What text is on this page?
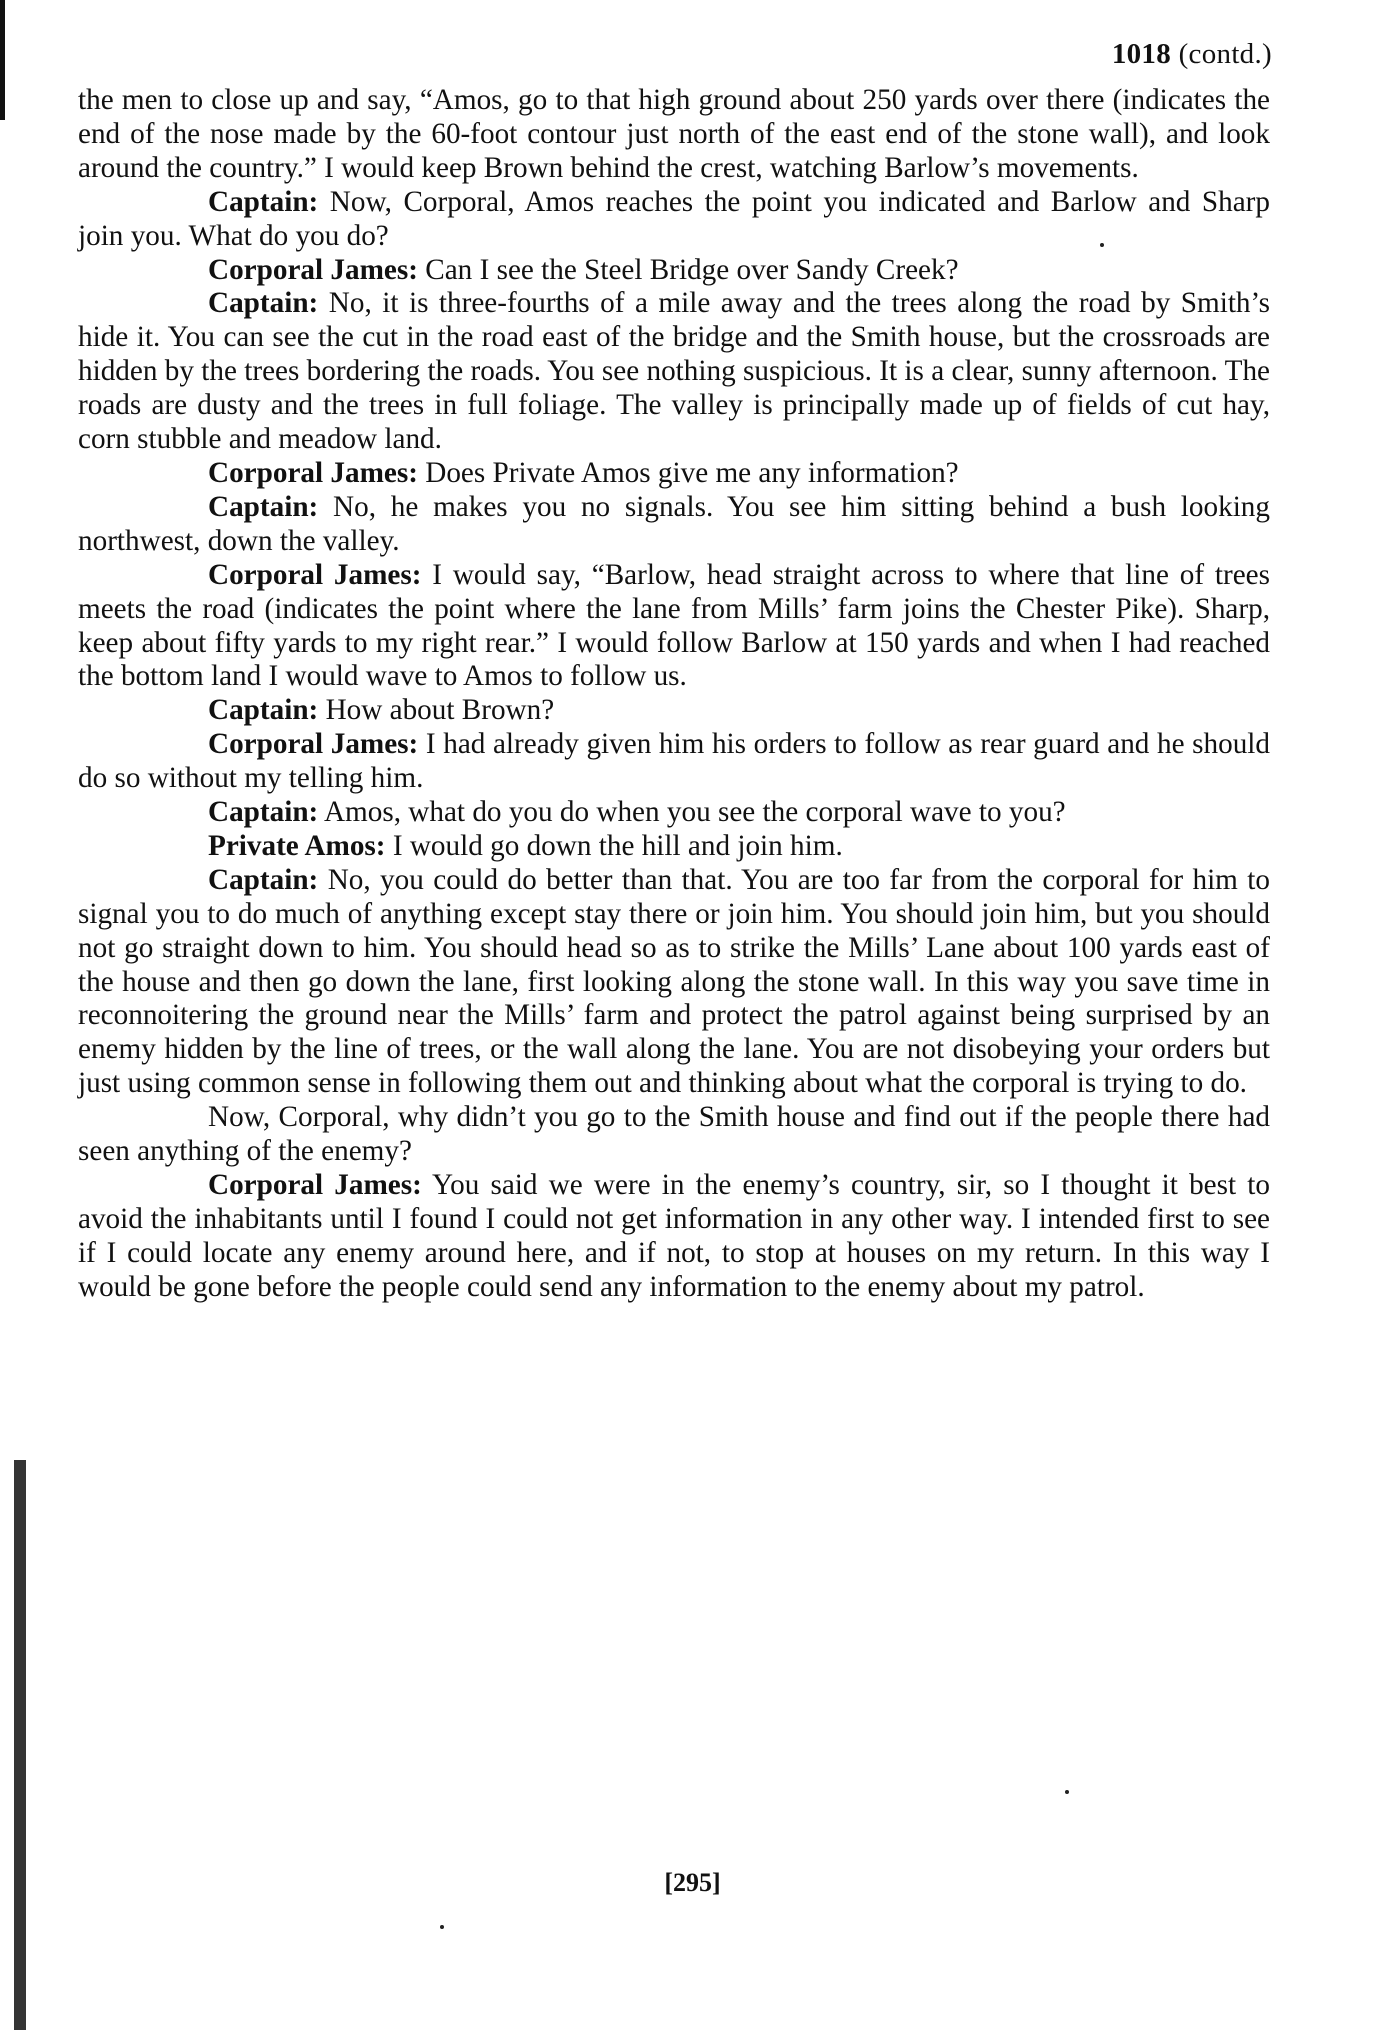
1018 (contd.)

the men to close up and say, “Amos, go to that high ground about 250 yards over there (indicates the end of the nose made by the 60-foot contour just north of the east end of the stone wall), and look around the country.” I would keep Brown behind the crest, watching Barlow’s movements.

Captain: Now, Corporal, Amos reaches the point you indicated and Barlow and Sharp join you. What do you do?

Corporal James: Can I see the Steel Bridge over Sandy Creek?

Captain: No, it is three-fourths of a mile away and the trees along the road by Smith’s hide it. You can see the cut in the road east of the bridge and the Smith house, but the crossroads are hidden by the trees bordering the roads. You see nothing suspicious. It is a clear, sunny afternoon. The roads are dusty and the trees in full foliage. The valley is principally made up of fields of cut hay, corn stubble and meadow land.

Corporal James: Does Private Amos give me any information?

Captain: No, he makes you no signals. You see him sitting behind a bush looking northwest, down the valley.

Corporal James: I would say, “Barlow, head straight across to where that line of trees meets the road (indicates the point where the lane from Mills’ farm joins the Chester Pike). Sharp, keep about fifty yards to my right rear.” I would follow Barlow at 150 yards and when I had reached the bottom land I would wave to Amos to follow us.

Captain: How about Brown?

Corporal James: I had already given him his orders to follow as rear guard and he should do so without my telling him.

Captain: Amos, what do you do when you see the corporal wave to you?

Private Amos: I would go down the hill and join him.

Captain: No, you could do better than that. You are too far from the corporal for him to signal you to do much of anything except stay there or join him. You should join him, but you should not go straight down to him. You should head so as to strike the Mills’ Lane about 100 yards east of the house and then go down the lane, first looking along the stone wall. In this way you save time in reconnoitering the ground near the Mills’ farm and protect the patrol against being surprised by an enemy hidden by the line of trees, or the wall along the lane. You are not disobeying your orders but just using common sense in following them out and thinking about what the corporal is trying to do.

Now, Corporal, why didn’t you go to the Smith house and find out if the people there had seen anything of the enemy?

Corporal James: You said we were in the enemy’s country, sir, so I thought it best to avoid the inhabitants until I found I could not get information in any other way. I intended first to see if I could locate any enemy around here, and if not, to stop at houses on my return. In this way I would be gone before the people could send any information to the enemy about my patrol.

[295]
